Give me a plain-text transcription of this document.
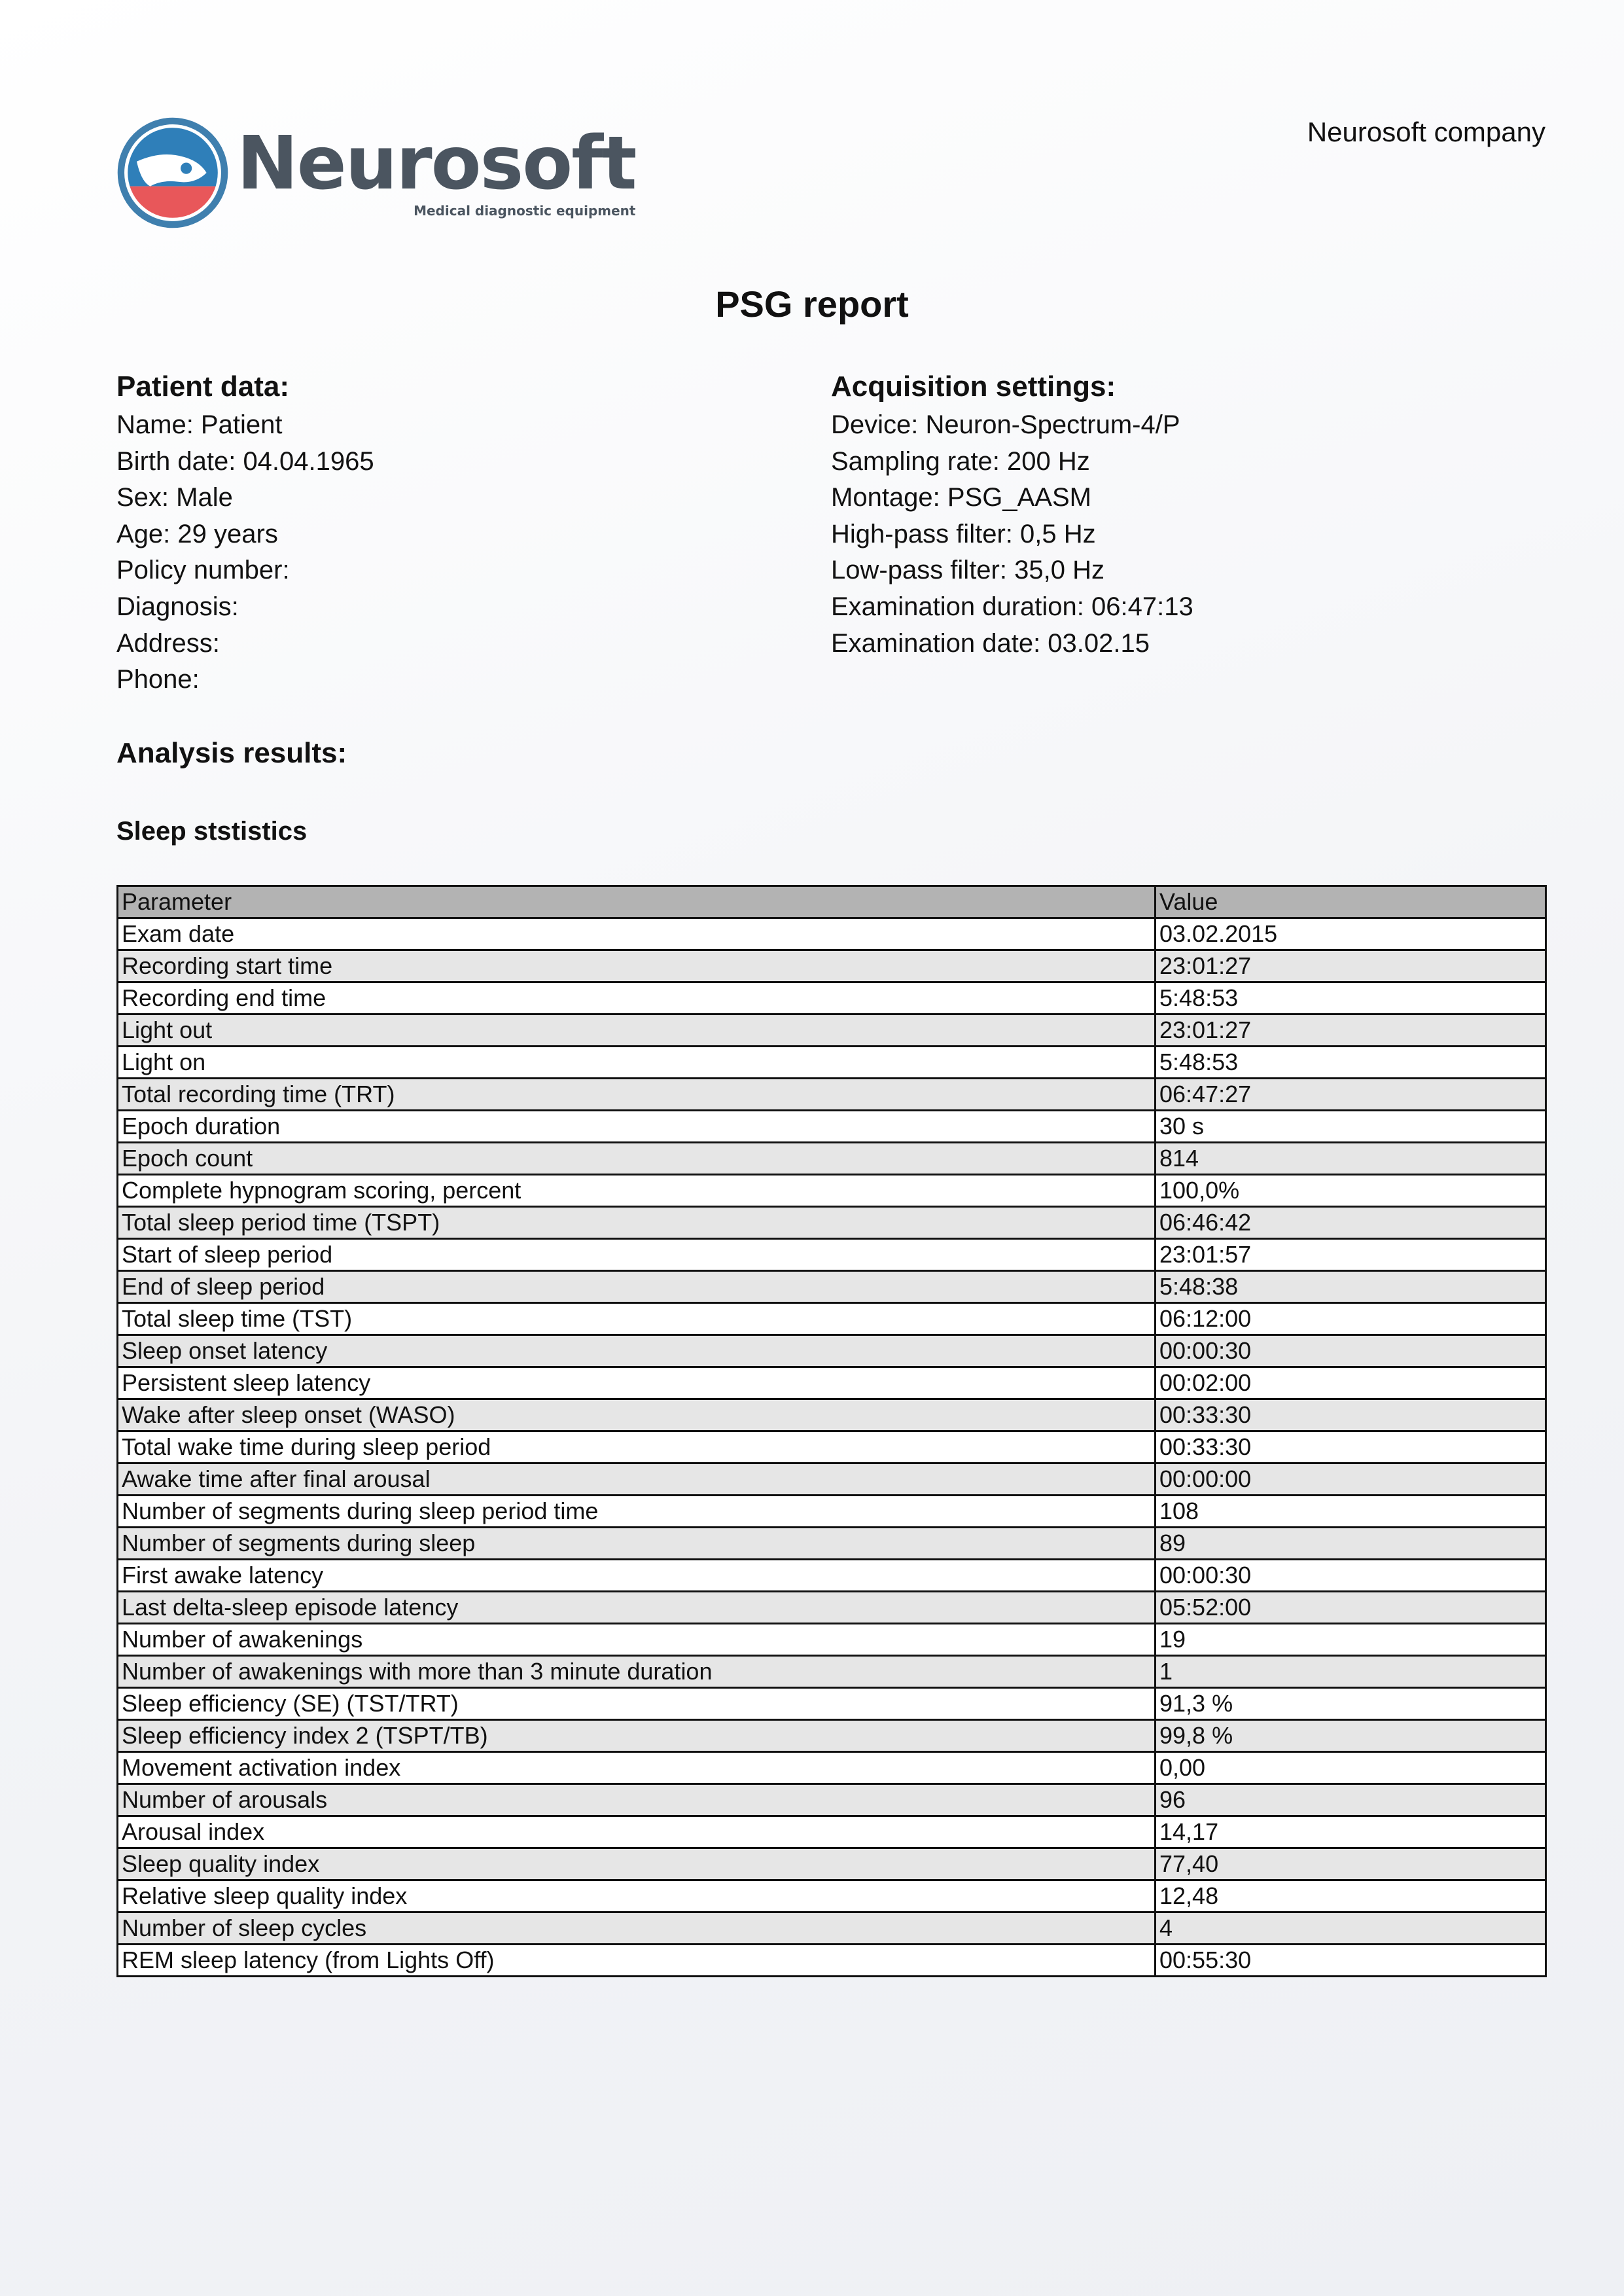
Neurosoft
Medical diagnostic equipment
Neurosoft company
PSG report
Patient data:
Name: Patient
Birth date: 04.04.1965
Sex: Male
Age: 29 years
Policy number:
Diagnosis:
Address:
Phone:
Acquisition settings:
Device: Neuron-Spectrum-4/P
Sampling rate: 200 Hz
Montage: PSG_AASM
High-pass filter: 0,5 Hz
Low-pass filter: 35,0 Hz
Examination duration: 06:47:13
Examination date: 03.02.15
Analysis results:
Sleep ststistics
Parameter	Value
Exam date	03.02.2015
Recording start time	23:01:27
Recording end time	5:48:53
Light out	23:01:27
Light on	5:48:53
Total recording time (TRT)	06:47:27
Epoch duration	30 s
Epoch count	814
Complete hypnogram scoring, percent	100,0%
Total sleep period time (TSPT)	06:46:42
Start of sleep period	23:01:57
End of sleep period	5:48:38
Total sleep time (TST)	06:12:00
Sleep onset latency	00:00:30
Persistent sleep latency	00:02:00
Wake after sleep onset (WASO)	00:33:30
Total wake time during sleep period	00:33:30
Awake time after final arousal	00:00:00
Number of segments during sleep period time	108
Number of segments during sleep	89
First awake latency	00:00:30
Last delta-sleep episode latency	05:52:00
Number of awakenings	19
Number of awakenings with more than 3 minute duration	1
Sleep efficiency (SE) (TST/TRT)	91,3 %
Sleep efficiency index 2 (TSPT/TB)	99,8 %
Movement activation index	0,00
Number of arousals	96
Arousal index	14,17
Sleep quality index	77,40
Relative sleep quality index	12,48
Number of sleep cycles	4
REM sleep latency (from Lights Off)	00:55:30
